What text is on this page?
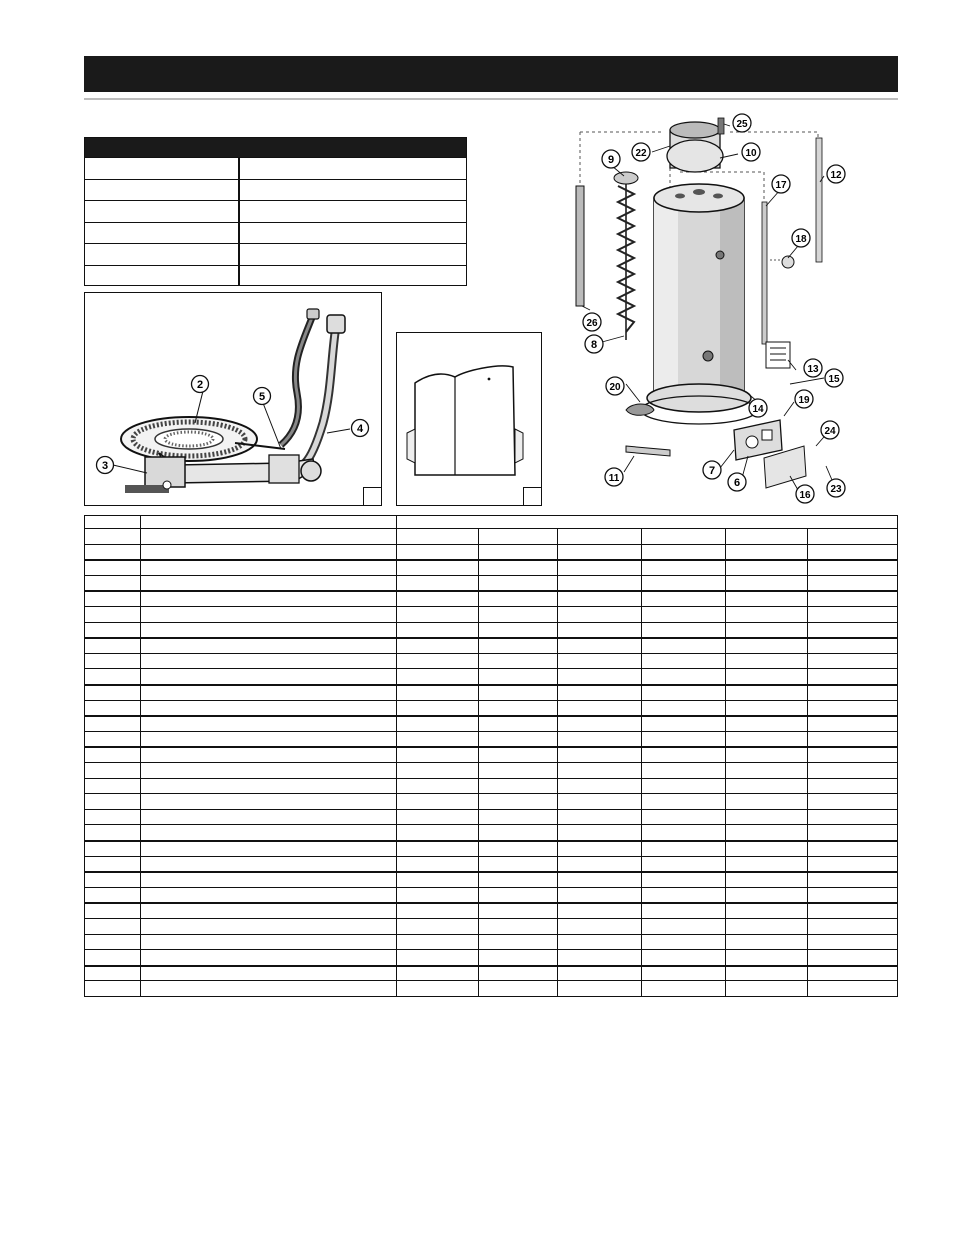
2
3
4
5
8
9
10
11
12
13
14
15
16
17
18
19
20
22
23
24
25
26
6
7
